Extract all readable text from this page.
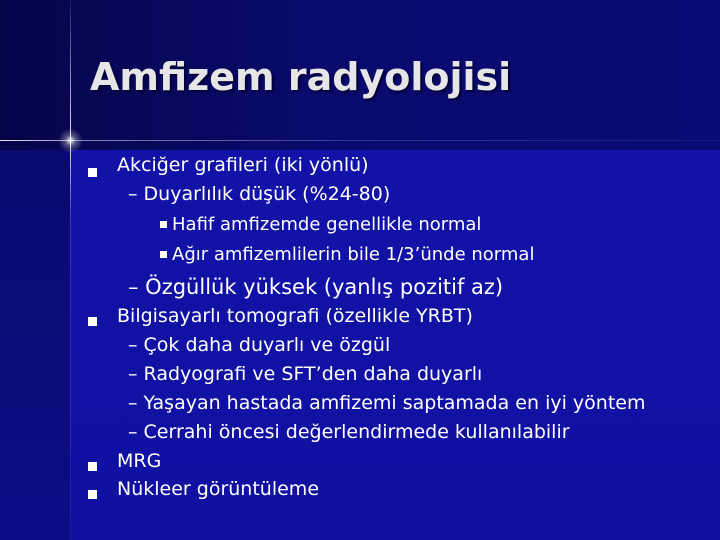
Amfizem radyolojisi
Akciğer grafileri (iki yönlü)
– Duyarlılık düşük (%24-80)
Hafif amfizemde genellikle normal
Ağır amfizemlilerin bile 1/3’ünde normal
– Özgüllük yüksek (yanlış pozitif az)
Bilgisayarlı tomografi (özellikle YRBT)
– Çok daha duyarlı ve özgül
– Radyografi ve SFT’den daha duyarlı
– Yaşayan hastada amfizemi saptamada en iyi yöntem
– Cerrahi öncesi değerlendirmede kullanılabilir
MRG
Nükleer görüntüleme
